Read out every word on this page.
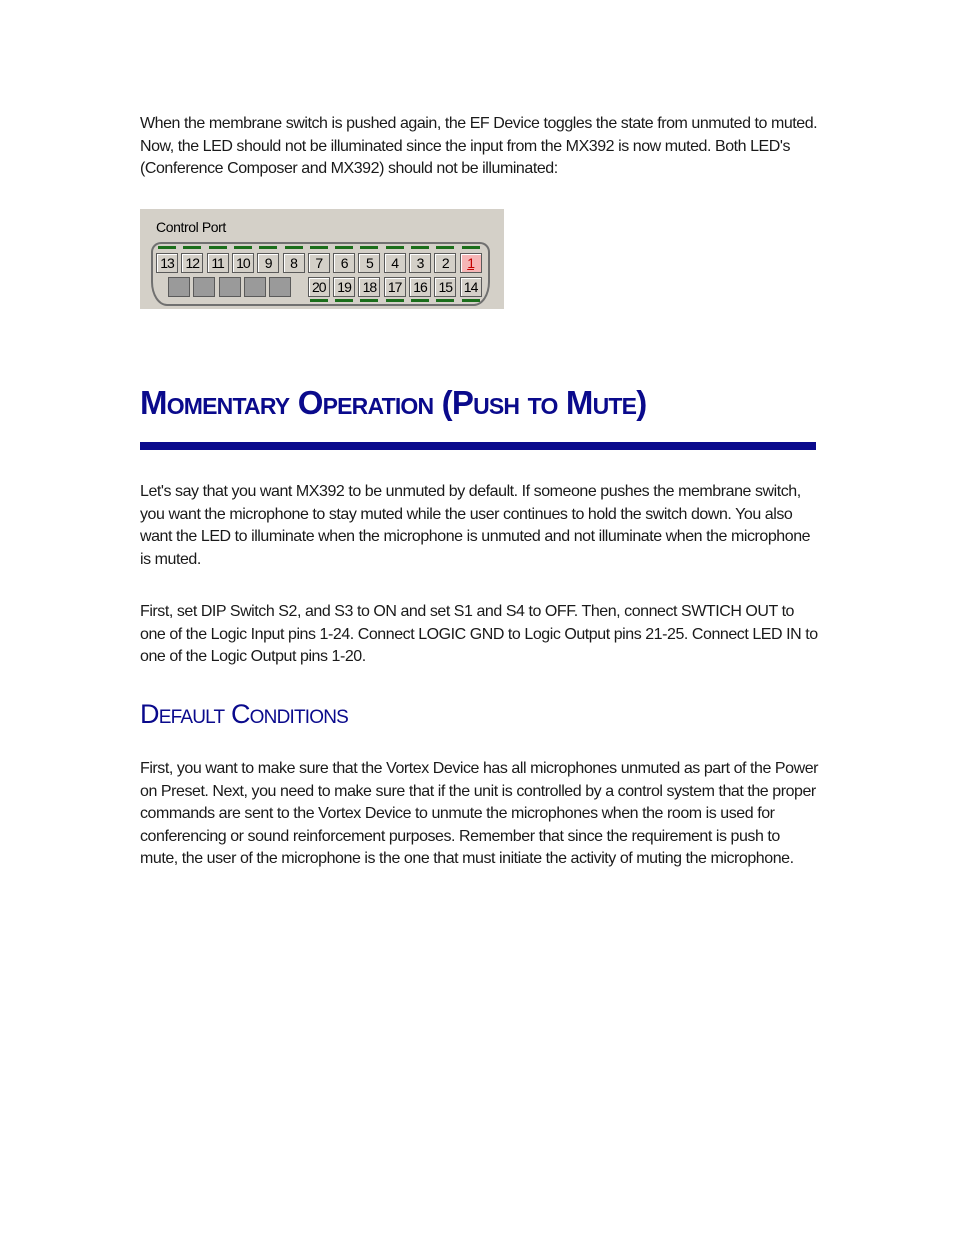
When the membrane switch is pushed again, the EF Device toggles the state from unmuted to muted. Now, the LED should not be illuminated since the input from the MX392 is now muted. Both LED's (Conference Composer and MX392) should not be illuminated:

Control Port
13 12 11 10	9	8	7	6	5	4	3	2	1
20 19 18 17 16 15 14
Momentary Operation (Push to Mute)

Let's say that you want MX392 to be unmuted by default. If someone pushes the membrane switch, you want the microphone to stay muted while the user continues to hold the switch down. You also want the LED to illuminate when the microphone is unmuted and not illuminate when the microphone is muted.

First, set DIP Switch S2, and S3 to ON and set S1 and S4 to OFF. Then, connect SWTICH OUT to one of the Logic Input pins 1-24. Connect LOGIC GND to Logic Output pins 21-25. Connect LED IN to one of the Logic Output pins 1-20.

Default Conditions

First, you want to make sure that the Vortex Device has all microphones unmuted as part of the Power on Preset. Next, you need to make sure that if the unit is controlled by a control system that the proper commands are sent to the Vortex Device to unmute the microphones when the room is used for conferencing or sound reinforcement purposes. Remember that since the requirement is push to mute, the user of the microphone is the one that must initiate the activity of muting the microphone.
